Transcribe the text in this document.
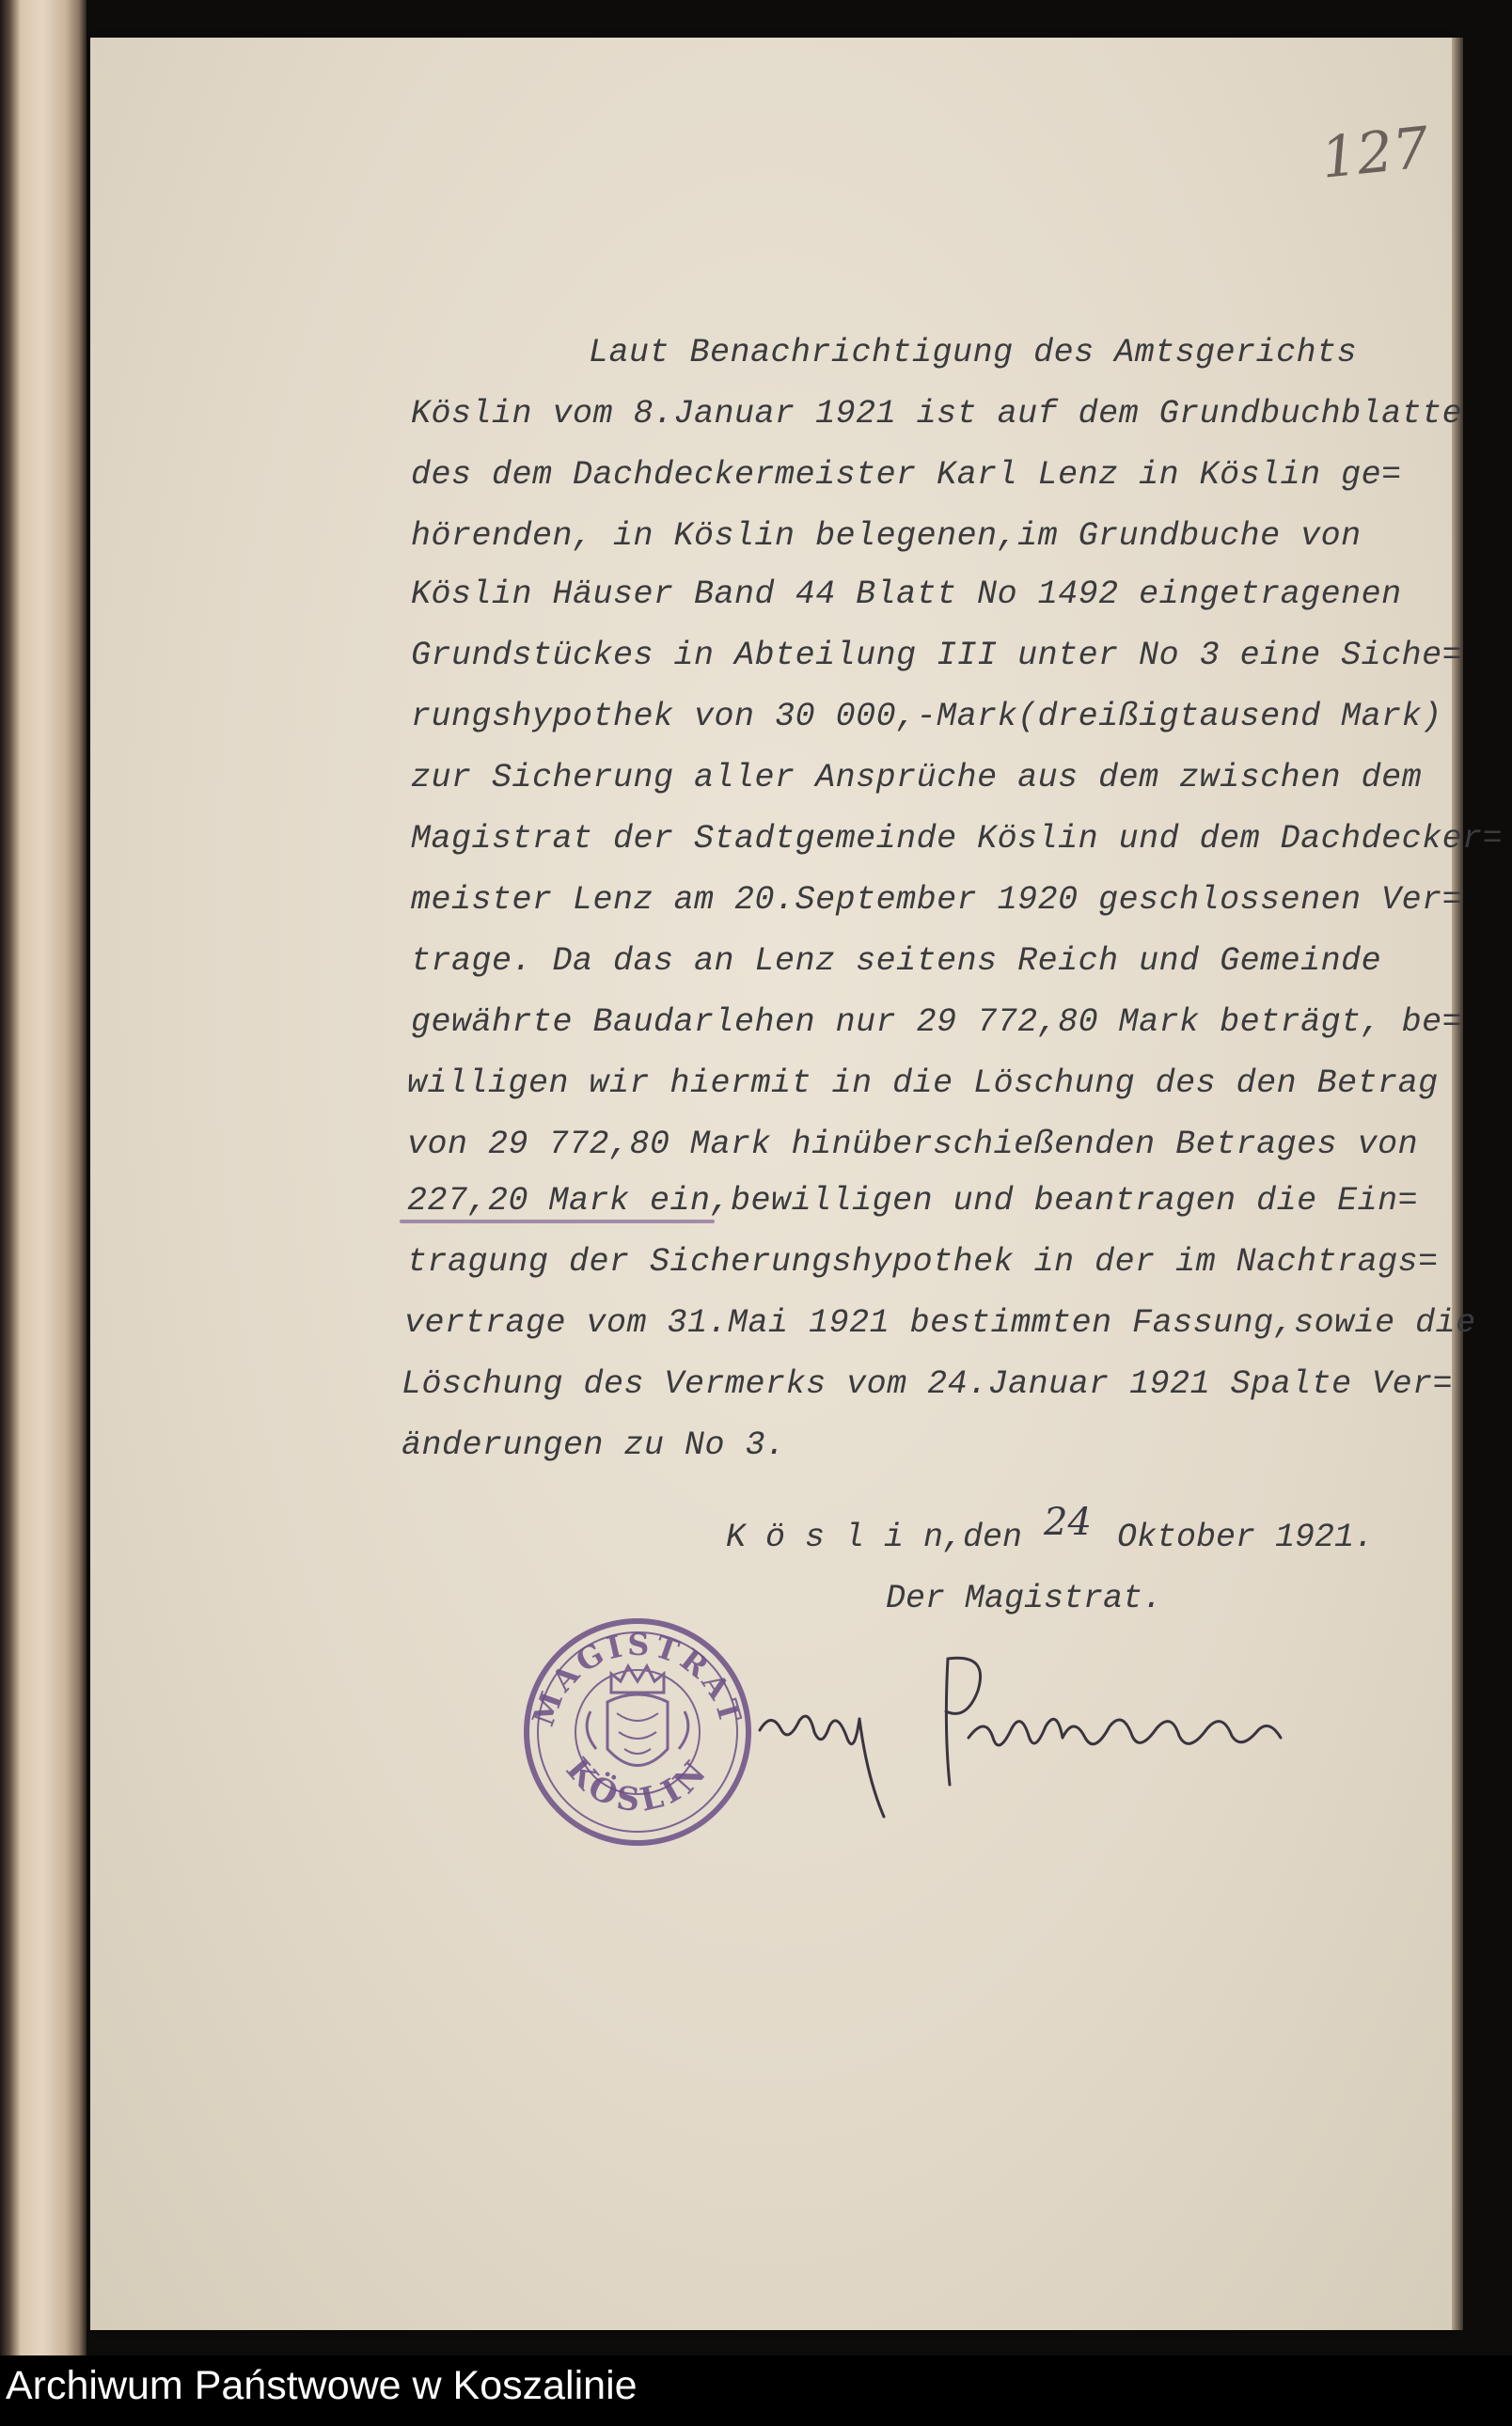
127
Laut Benachrichtigung des Amtsgerichts
Köslin vom 8.Januar 1921 ist auf dem Grundbuchblatte
des dem Dachdeckermeister Karl Lenz in Köslin ge=
hörenden, in Köslin belegenen,im Grundbuche von
Köslin Häuser Band 44 Blatt No 1492 eingetragenen
Grundstückes in Abteilung III unter No 3 eine Siche=
rungshypothek von 30 000,-Mark(dreißigtausend Mark)
zur Sicherung aller Ansprüche aus dem zwischen dem
Magistrat der Stadtgemeinde Köslin und dem Dachdecker=
meister Lenz am 20.September 1920 geschlossenen Ver=
trage. Da das an Lenz seitens Reich und Gemeinde
gewährte Baudarlehen nur 29 772,80 Mark beträgt, be=
willigen wir hiermit in die Löschung des den Betrag
von 29 772,80 Mark hinüberschießenden Betrages von
227,20 Mark ein,bewilligen und beantragen die Ein=
tragung der Sicherungshypothek in der im Nachtrags=
vertrage vom 31.Mai 1921 bestimmten Fassung,sowie die
Löschung des Vermerks vom 24.Januar 1921 Spalte Ver=
änderungen zu No 3.
K ö s l i n,den 24 Oktober 1921.
Der Magistrat.
MAGISTRAT
KÖSLIN
Archiwum Państwowe w Koszalinie
